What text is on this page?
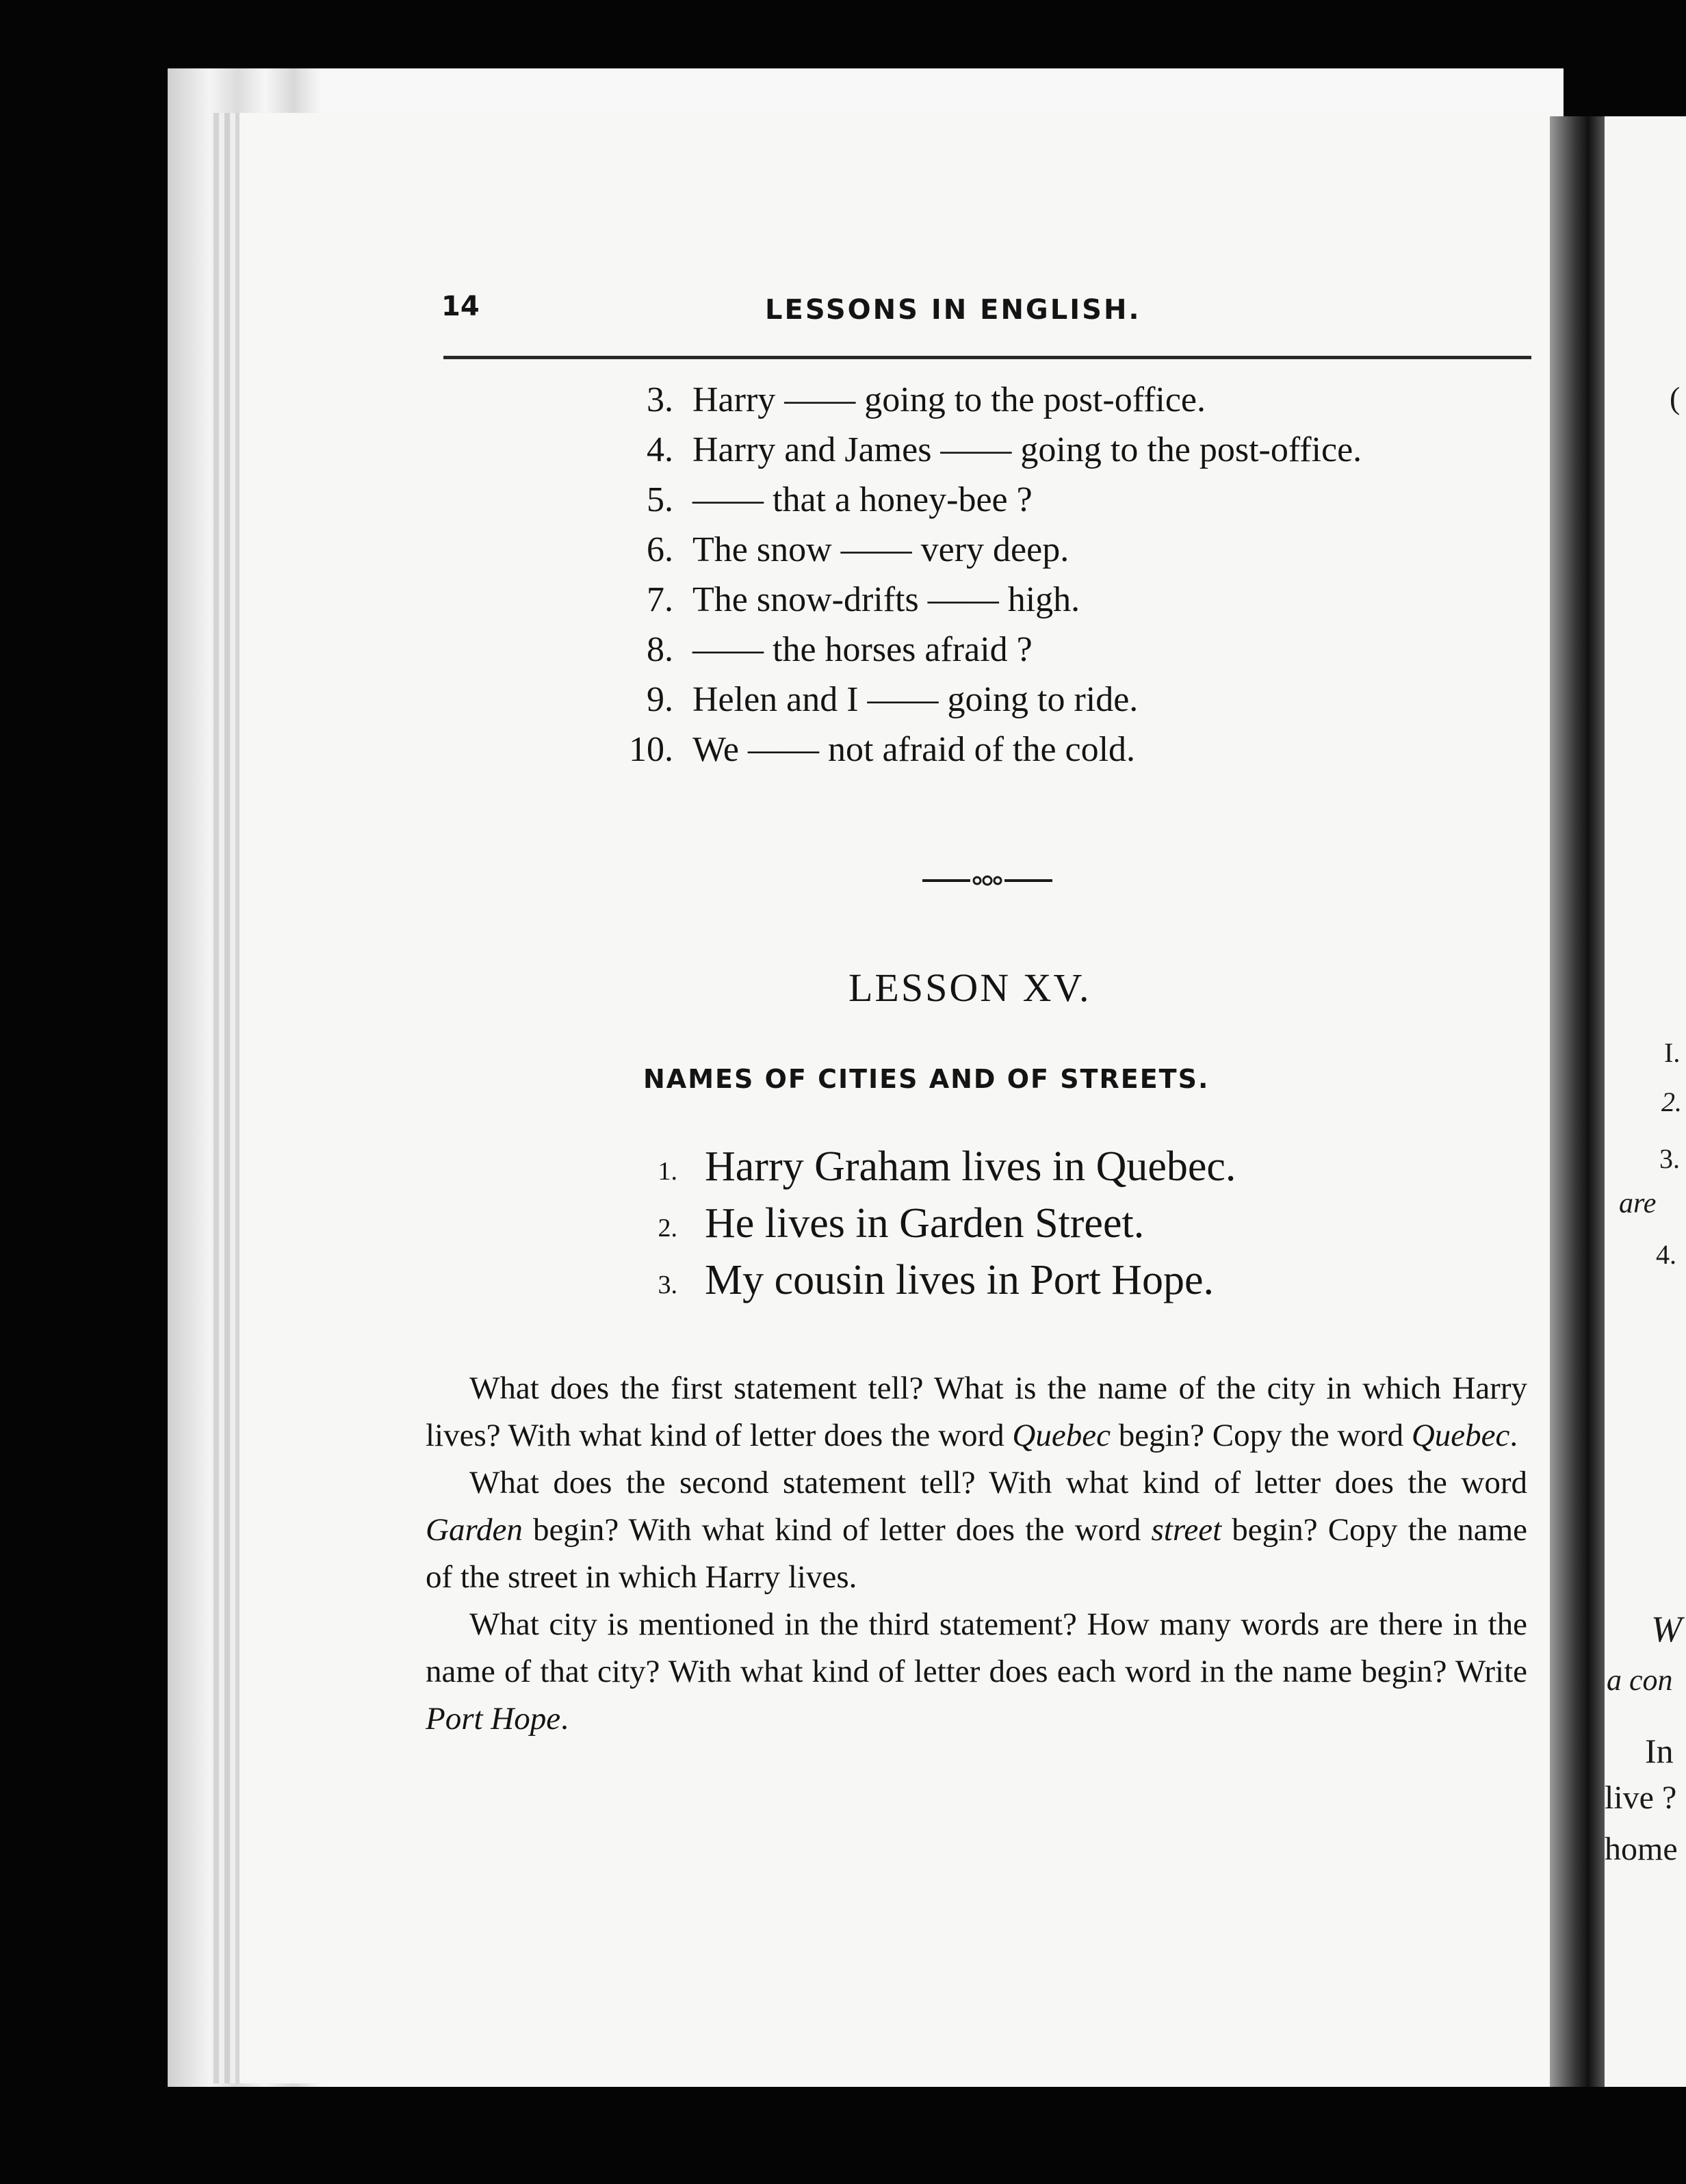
(
I.
2.
3.
are
4.
W
a con
In
live ?
home
14	LESSONS IN ENGLISH.
3. Harry —— going to the post-office.
4. Harry and James —— going to the post-office.
5. —— that a honey-bee ?
6. The snow —— very deep.
7. The snow-drifts —— high.
8. —— the horses afraid ?
9. Helen and I —— going to ride.
10. We —— not afraid of the cold.
LESSON XV.
NAMES OF CITIES AND OF STREETS.
1. Harry Graham lives in Quebec.
2. He lives in Garden Street.
3. My cousin lives in Port Hope.

What does the first statement tell? What is the name of the city in which Harry lives? With what kind of letter does the word Quebec begin? Copy the word Quebec.

What does the second statement tell? With what kind of letter does the word Garden begin? With what kind of letter does the word street begin? Copy the name of the street in which Harry lives.

What city is mentioned in the third statement? How many words are there in the name of that city? With what kind of letter does each word in the name begin? Write Port Hope.
